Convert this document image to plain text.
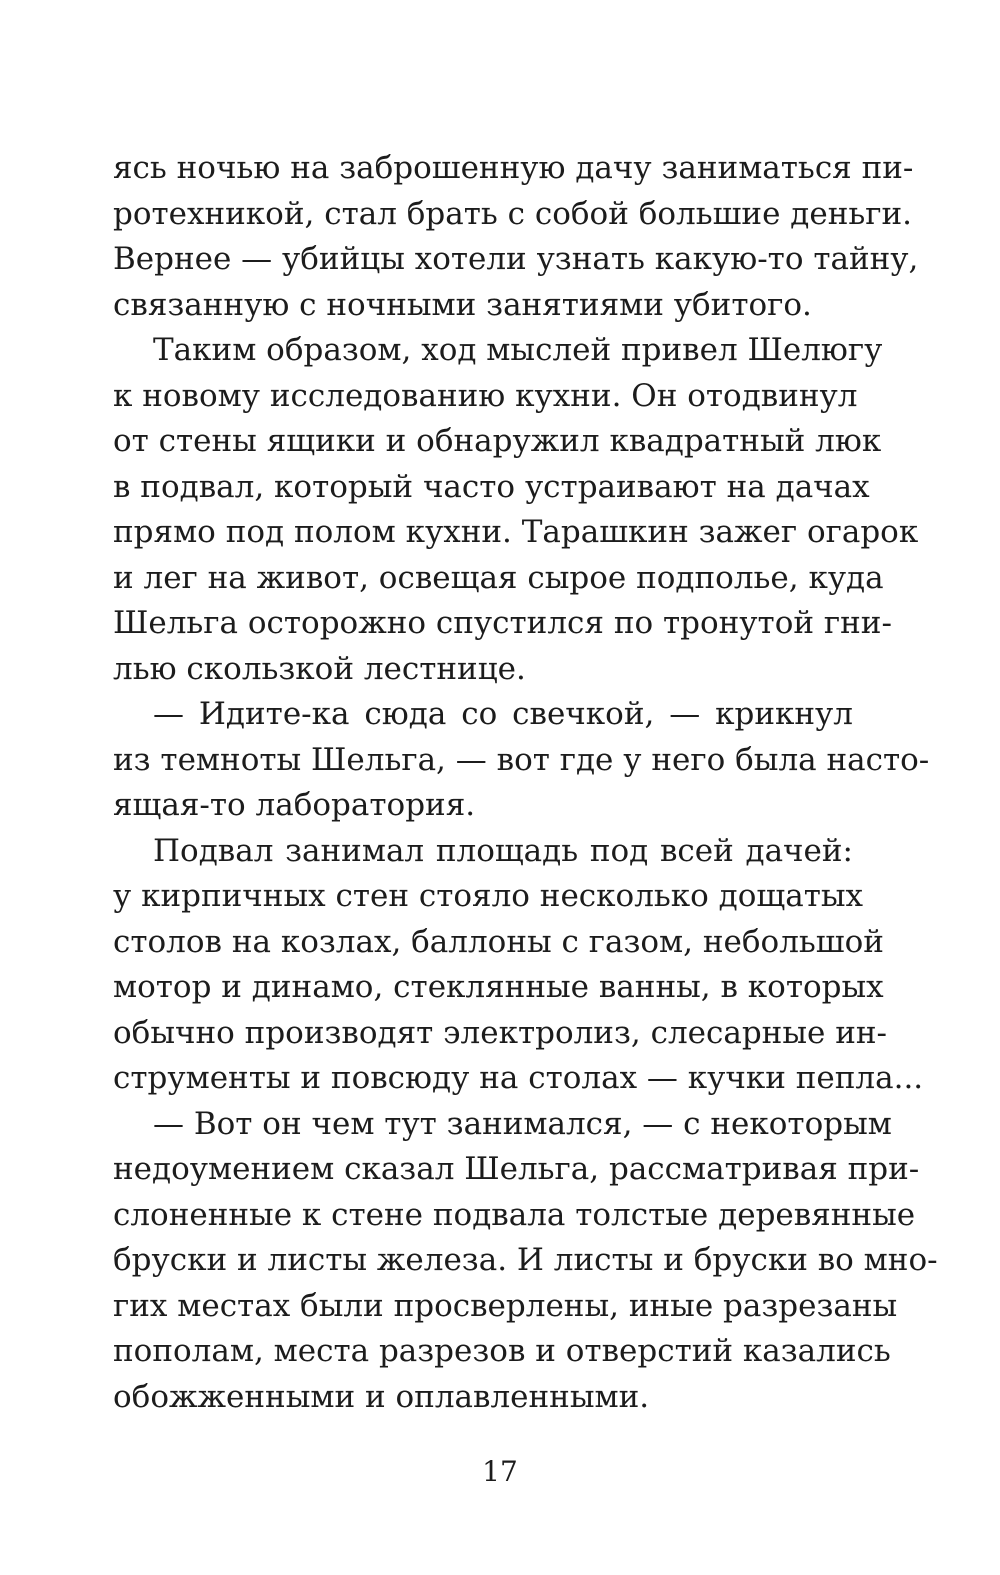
ясь ночью на заброшенную дачу заниматься пи-
ротехникой, стал брать с собой большие деньги.
Вернее — убийцы хотели узнать какую-то тайну,
связанную с ночными занятиями убитого.
Таким образом, ход мыслей привел Шелюгу
к новому исследованию кухни. Он отодвинул
от стены ящики и обнаружил квадратный люк
в подвал, который часто устраивают на дачах
прямо под полом кухни. Тарашкин зажег огарок
и лег на живот, освещая сырое подполье, куда
Шельга осторожно спустился по тронутой гни-
лью скользкой лестнице.
— Идите-ка сюда со свечкой, — крикнул
из темноты Шельга, — вот где у него была насто-
ящая-то лаборатория.
Подвал занимал площадь под всей дачей:
у кирпичных стен стояло несколько дощатых
столов на козлах, баллоны с газом, небольшой
мотор и динамо, стеклянные ванны, в которых
обычно производят электролиз, слесарные ин-
струменты и повсюду на столах — кучки пепла...
— Вот он чем тут занимался, — с некоторым
недоумением сказал Шельга, рассматривая при-
слоненные к стене подвала толстые деревянные
бруски и листы железа. И листы и бруски во мно-
гих местах были просверлены, иные разрезаны
пополам, места разрезов и отверстий казались
обожженными и оплавленными.
17
